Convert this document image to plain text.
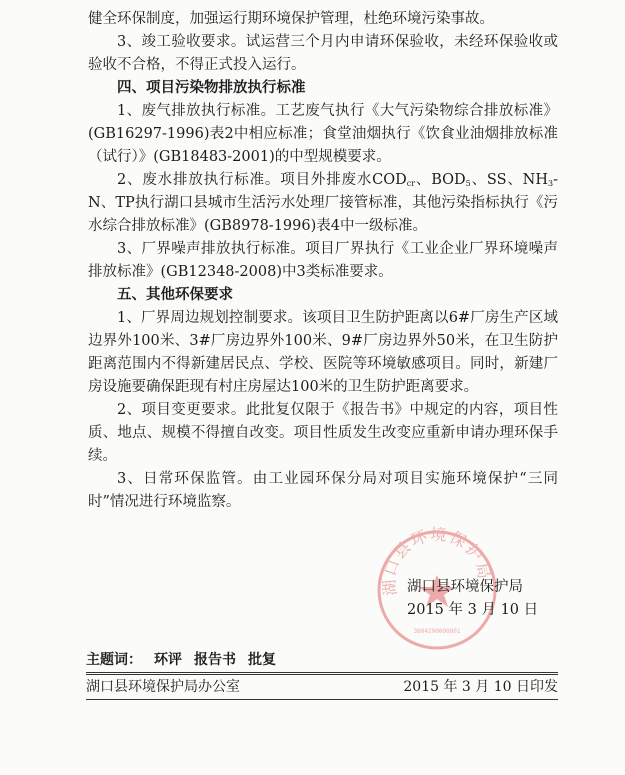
健全环保制度，加强运行期环境保护管理，杜绝环境污染事故。

3、竣工验收要求。试运营三个月内申请环保验收，未经环保验收或验收不合格，不得正式投入运行。

四、项目污染物排放执行标准

1、废气排放执行标准。工艺废气执行《大气污染物综合排放标准》(GB16297-1996)表2中相应标准；食堂油烟执行《饮食业油烟排放标准（试行）》(GB18483-2001)的中型规模要求。

2、废水排放执行标准。项目外排废水$COD_{cr}$、$BOD_5$、SS、$NH_3-N$、TP执行湖口县城市生活污水处理厂接管标准，其他污染指标执行《污水综合排放标准》(GB8978-1996)表4中一级标准。

3、厂界噪声排放执行标准。项目厂界执行《工业企业厂界环境噪声排放标准》(GB12348-2008)中3类标准要求。

五、其他环保要求

1、厂界周边规划控制要求。该项目卫生防护距离以6#厂房生产区域边界外100米、3#厂房边界外100米、9#厂房边界外50米，在卫生防护距离范围内不得新建居民点、学校、医院等环境敏感项目。同时，新建厂房设施要确保距现有村庄房屋达100米的卫生防护距离要求。

2、项目变更要求。此批复仅限于《报告书》中规定的内容，项目性质、地点、规模不得擅自改变。项目性质发生改变应重新申请办理环保手续。

3、日常环保监管。由工业园环保分局对项目实施环境保护“三同时”情况进行环境监察。

湖口县环境保护局
3604290000001
湖口县环境保护局
2015 年 3 月 10 日
主题词： 环评 报告书 批复
湖口县环境保护局办公室	2015 年 3 月 10 日印发
